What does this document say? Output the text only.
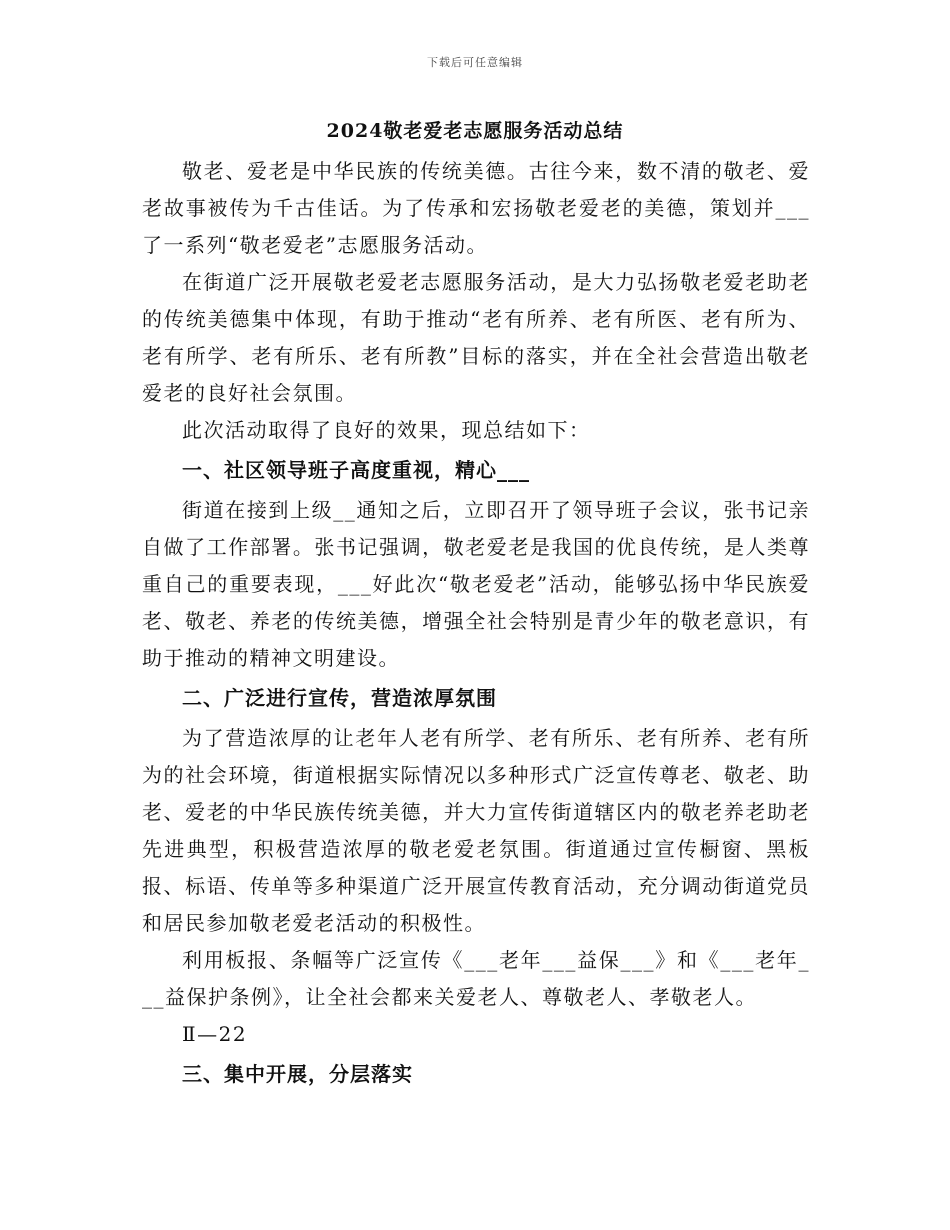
下载后可任意编辑
2024敬老爱老志愿服务活动总结

敬老、爱老是中华民族的传统美德。古往今来，数不清的敬老、爱老故事被传为千古佳话。为了传承和宏扬敬老爱老的美德，策划并___了一系列“敬老爱老”志愿服务活动。

在街道广泛开展敬老爱老志愿服务活动，是大力弘扬敬老爱老助老的传统美德集中体现，有助于推动“老有所养、老有所医、老有所为、老有所学、老有所乐、老有所教”目标的落实，并在全社会营造出敬老爱老的良好社会氛围。

此次活动取得了良好的效果，现总结如下：

一、社区领导班子高度重视，精心___

街道在接到上级__通知之后，立即召开了领导班子会议，张书记亲自做了工作部署。张书记强调，敬老爱老是我国的优良传统，是人类尊重自己的重要表现，___好此次“敬老爱老”活动，能够弘扬中华民族爱老、敬老、养老的传统美德，增强全社会特别是青少年的敬老意识，有助于推动的精神文明建设。

二、广泛进行宣传，营造浓厚氛围

为了营造浓厚的让老年人老有所学、老有所乐、老有所养、老有所为的社会环境，街道根据实际情况以多种形式广泛宣传尊老、敬老、助老、爱老的中华民族传统美德，并大力宣传街道辖区内的敬老养老助老先进典型，积极营造浓厚的敬老爱老氛围。街道通过宣传橱窗、黑板报、标语、传单等多种渠道广泛开展宣传教育活动，充分调动街道党员和居民参加敬老爱老活动的积极性。

利用板报、条幅等广泛宣传《___老年___益保___》和《___老年___益保护条例》，让全社会都来关爱老人、尊敬老人、孝敬老人。

Ⅱ—22

三、集中开展，分层落实
